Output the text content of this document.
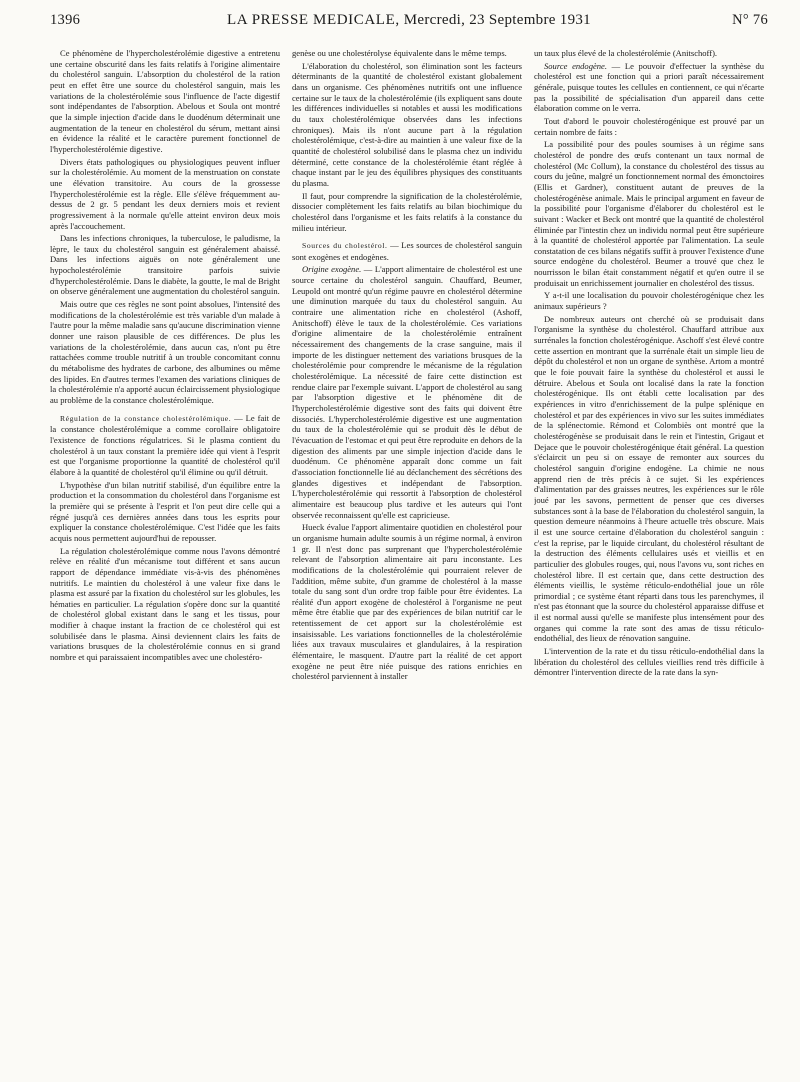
1396	LA PRESSE MEDICALE, Mercredi, 23 Septembre 1931	N° 76

Ce phénomène de l'hypercholestérolémie digestive a entretenu une certaine obscurité dans les faits relatifs à l'origine alimentaire du cholestérol sanguin. L'absorption du cholestérol de la ration peut en effet être une source du cholestérol sanguin, mais les variations de la cholestérolémie sous l'influence de l'acte digestif sont indépendantes de l'absorption. Abelous et Soula ont montré que la simple injection d'acide dans le duodénum déterminait une augmentation de la teneur en cholestérol du sérum, mettant ainsi en évidence la réalité et le caractère purement fonctionnel de l'hypercholestérolémie digestive.

Divers états pathologiques ou physiologiques peuvent influer sur la cholestérolémie. Au moment de la menstruation on constate une élévation transitoire. Au cours de la grossesse l'hypercholestérolémie est la règle. Elle s'élève fréquemment au-dessus de 2 gr. 5 pendant les deux derniers mois et revient progressivement à la normale qu'elle atteint environ deux mois après l'accouchement.

Dans les infections chroniques, la tuberculose, le paludisme, la lèpre, le taux du cholestérol sanguin est généralement abaissé. Dans les infections aiguës on note généralement une hypocholestérolémie transitoire parfois suivie d'hypercholestérolémie. Dans le diabète, la goutte, le mal de Bright on observe généralement une augmentation du cholestérol sanguin.

Mais outre que ces règles ne sont point absolues, l'intensité des modifications de la cholestérolémie est très variable d'un malade à l'autre pour la même maladie sans qu'aucune discrimination vienne donner une raison plausible de ces différences. De plus les variations de la cholestérolémie, dans aucun cas, n'ont pu être rattachées comme trouble nutritif à un trouble concomitant connu du métabolisme des hydrates de carbone, des albumines ou même des lipides. En d'autres termes l'examen des variations cliniques de la cholestérolémie n'a apporté aucun éclaircissement physiologique au problème de la constance cholestérolémique.

Régulation de la constance cholestérolémique. — Le fait de la constance cholestérolémique a comme corollaire obligatoire l'existence de fonctions régulatrices. Si le plasma contient du cholestérol à un taux constant la première idée qui vient à l'esprit est que l'organisme proportionne la quantité de cholestérol qu'il élabore à la quantité de cholestérol qu'il élimine ou qu'il détruit.

L'hypothèse d'un bilan nutritif stabilisé, d'un équilibre entre la production et la consommation du cholestérol dans l'organisme est la première qui se présente à l'esprit et l'on peut dire celle qui a régné jusqu'à ces dernières années dans tous les esprits pour expliquer la constance cholestérolémique. C'est l'idée que les faits acquis nous permettent aujourd'hui de repousser.

La régulation cholestérolémique comme nous l'avons démontré relève en réalité d'un mécanisme tout différent et sans aucun rapport de dépendance immédiate vis-à-vis des phénomènes nutritifs. Le maintien du cholestérol à une valeur fixe dans le plasma est assuré par la fixation du cholestérol sur les globules, les hématies en particulier. La régulation s'opère donc sur la quantité de cholestérol global existant dans le sang et les tissus, pour modifier à chaque instant la fraction de ce cholestérol qui est solubilisée dans le plasma. Ainsi deviennent clairs les faits de variations brusques de la cholestérolémie connus en si grand nombre et qui paraissaient incompatibles avec une cholestéro-

genèse ou une cholestérolyse équivalente dans le même temps.

L'élaboration du cholestérol, son élimination sont les facteurs déterminants de la quantité de cholestérol existant globalement dans un organisme. Ces phénomènes nutritifs ont une influence certaine sur le taux de la cholestérolémie (ils expliquent sans doute les différences individuelles si notables et aussi les modifications du taux cholestérolémique observées dans les infections chroniques). Mais ils n'ont aucune part à la régulation cholestérolémique, c'est-à-dire au maintien à une valeur fixe de la quantité de cholestérol solubilisé dans le plasma chez un individu déterminé, cette constance de la cholestérolémie étant réglée à chaque instant par le jeu des équilibres physiques des constituants du plasma.

Il faut, pour comprendre la signification de la cholestérolémie, dissocier complètement les faits relatifs au bilan biochimique du cholestérol dans l'organisme et les faits relatifs à la constance du milieu intérieur.

Sources du cholestérol. — Les sources de cholestérol sanguin sont exogènes et endogènes.

Origine exogène. — L'apport alimentaire de cholestérol est une source certaine du cholestérol sanguin. Chauffard, Beumer, Leupold ont montré qu'un régime pauvre en cholestérol détermine une diminution marquée du taux du cholestérol sanguin. Au contraire une alimentation riche en cholestérol (Ashoff, Anitschoff) élève le taux de la cholestérolémie. Ces variations d'origine alimentaire de la cholestérolémie entraînent nécessairement des changements de la crase sanguine, mais il importe de les distinguer nettement des variations brusques de la cholestérolémie pour comprendre le mécanisme de la régulation cholestérolémique. La nécessité de faire cette distinction est rendue claire par l'exemple suivant. L'apport de cholestérol au sang par l'absorption digestive et le phénomène dit de l'hypercholestérolémie digestive sont des faits qui doivent être dissociés. L'hypercholestérolémie digestive est une augmentation du taux de la cholestérolémie qui se produit dès le début de l'évacuation de l'estomac et qui peut être reproduite en dehors de la digestion des aliments par une simple injection d'acide dans le duodénum. Ce phénomène apparaît donc comme un fait d'association fonctionnelle lié au déclanchement des sécrétions des glandes digestives et indépendant de l'absorption. L'hypercholestérolémie qui ressortit à l'absorption de cholestérol alimentaire est beaucoup plus tardive et les auteurs qui l'ont observée reconnaissent qu'elle est capricieuse.

Hueck évalue l'apport alimentaire quotidien en cholestérol pour un organisme humain adulte soumis à un régime normal, à environ 1 gr. Il n'est donc pas surprenant que l'hypercholestérolémie relevant de l'absorption alimentaire ait paru inconstante. Les modifications de la cholestérolémie qui pourraient relever de l'addition, même subite, d'un gramme de cholestérol à la masse totale du sang sont d'un ordre trop faible pour être évidentes. La réalité d'un apport exogène de cholestérol à l'organisme ne peut même être établie que par des expériences de bilan nutritif car le retentissement de cet apport sur la cholestérolémie est insaisissable. Les variations fonctionnelles de la cholestérolémie liées aux travaux musculaires et glandulaires, à la respiration élémentaire, le masquent. D'autre part la réalité de cet apport exogène ne peut être niée puisque des rations enrichies en cholestérol parviennent à installer

un taux plus élevé de la cholestérolémie (Anitschoff).

Source endogène. — Le pouvoir d'effectuer la synthèse du cholestérol est une fonction qui a priori paraît nécessairement générale, puisque toutes les cellules en contiennent, ce qui n'écarte pas la possibilité de spécialisation d'un appareil dans cette élaboration comme on le verra.

Tout d'abord le pouvoir cholestérogénique est prouvé par un certain nombre de faits :

La possibilité pour des poules soumises à un régime sans cholestérol de pondre des œufs contenant un taux normal de cholestérol (Mc Collum), la constance du cholestérol des tissus au cours du jeûne, malgré un fonctionnement normal des émonctoires (Ellis et Gardner), constituent autant de preuves de la cholestérogénèse animale. Mais le principal argument en faveur de la possibilité pour l'organisme d'élaborer du cholestérol est le suivant : Wacker et Beck ont montré que la quantité de cholestérol éliminée par l'intestin chez un individu normal peut être supérieure à la quantité de cholestérol apportée par l'alimentation. La seule constatation de ces bilans négatifs suffit à prouver l'existence d'une source endogène du cholestérol. Beumer a trouvé que chez le nourrisson le bilan était constamment négatif et qu'en outre il se produisait un enrichissement journalier en cholestérol des tissus.

Y a-t-il une localisation du pouvoir cholestérogénique chez les animaux supérieurs ?

De nombreux auteurs ont cherché où se produisait dans l'organisme la synthèse du cholestérol. Chauffard attribue aux surrénales la fonction cholestérogénique. Aschoff s'est élevé contre cette assertion en montrant que la surrénale était un simple lieu de dépôt du cholestérol et non un organe de synthèse. Artom a montré que le foie pouvait faire la synthèse du cholestérol et aussi le détruire. Abelous et Soula ont localisé dans la rate la fonction cholestérogénique. Ils ont établi cette localisation par des expériences in vitro d'enrichissement de la pulpe splénique en cholestérol et par des expériences in vivo sur les suites immédiates de la splénectomie. Rémond et Colombiès ont montré que la cholestérogénèse se produisait dans le rein et l'intestin, Grigaut et Dejace que le pouvoir cholestérogénique était général. La question s'éclaircit un peu si on essaye de remonter aux sources du cholestérol sanguin d'origine endogène. La chimie ne nous apprend rien de très précis à ce sujet. Si les expériences d'alimentation par des graisses neutres, les expériences sur le rôle joué par les savons, permettent de penser que ces diverses substances sont à la base de l'élaboration du cholestérol sanguin, la question demeure néanmoins à l'heure actuelle très obscure. Mais il est une source certaine d'élaboration du cholestérol sanguin : c'est la reprise, par le liquide circulant, du cholestérol résultant de la destruction des éléments cellulaires usés et vieillis et en particulier des globules rouges, qui, nous l'avons vu, sont riches en cholestérol libre. Il est certain que, dans cette destruction des éléments vieillis, le système réticulo-endothélial joue un rôle primordial ; ce système étant réparti dans tous les parenchymes, il n'est pas étonnant que la source du cholestérol apparaisse diffuse et il est normal aussi qu'elle se manifeste plus intensément pour des organes qui comme la rate sont des amas de tissu réticulo-endothélial, des lieux de rénovation sanguine.

L'intervention de la rate et du tissu réticulo-endothélial dans la libération du cholestérol des cellules vieillies rend très difficile à démontrer l'intervention directe de la rate dans la syn-
